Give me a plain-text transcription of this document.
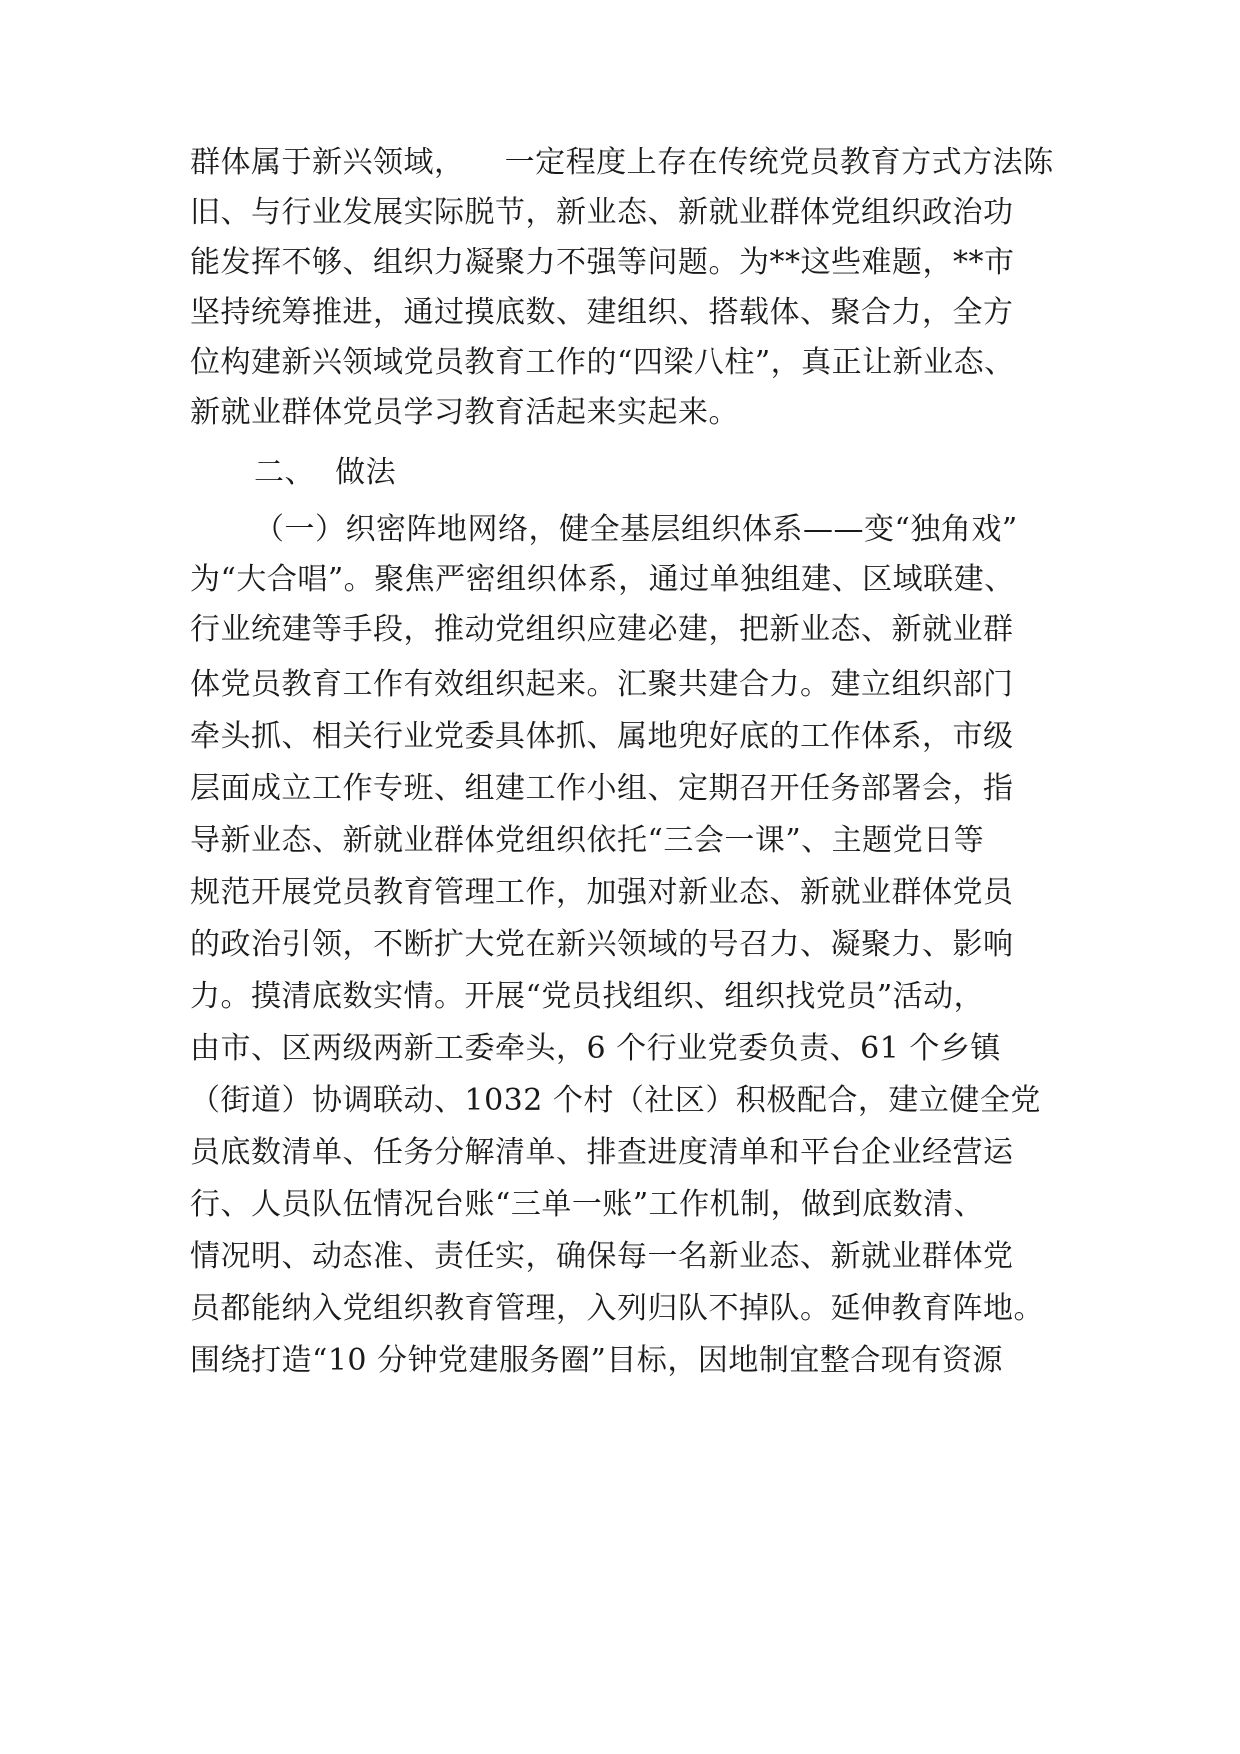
群体属于新兴领域，    一定程度上存在传统党员教育方式方法陈
旧、与行业发展实际脱节，新业态、新就业群体党组织政治功
能发挥不够、组织力凝聚力不强等问题。为**这些难题，**市
坚持统筹推进，通过摸底数、建组织、搭载体、聚合力，全方
位构建新兴领域党员教育工作的“四梁八柱”，真正让新业态、
新就业群体党员学习教育活起来实起来。
二、  做法
（一）织密阵地网络，健全基层组织体系——变“独角戏”
为“大合唱”。聚焦严密组织体系，通过单独组建、区域联建、
行业统建等手段，推动党组织应建必建，把新业态、新就业群
体党员教育工作有效组织起来。汇聚共建合力。建立组织部门
牵头抓、相关行业党委具体抓、属地兜好底的工作体系，市级
层面成立工作专班、组建工作小组、定期召开任务部署会，指
导新业态、新就业群体党组织依托“三会一课”、主题党日等
规范开展党员教育管理工作，加强对新业态、新就业群体党员
的政治引领，不断扩大党在新兴领域的号召力、凝聚力、影响
力。摸清底数实情。开展“党员找组织、组织找党员”活动，
由市、区两级两新工委牵头，6 个行业党委负责、61 个乡镇
（街道）协调联动、1032 个村（社区）积极配合，建立健全党
员底数清单、任务分解清单、排查进度清单和平台企业经营运
行、人员队伍情况台账“三单一账”工作机制，做到底数清、
情况明、动态准、责任实，确保每一名新业态、新就业群体党
员都能纳入党组织教育管理，入列归队不掉队。延伸教育阵地。
围绕打造“10 分钟党建服务圈”目标，因地制宜整合现有资源
